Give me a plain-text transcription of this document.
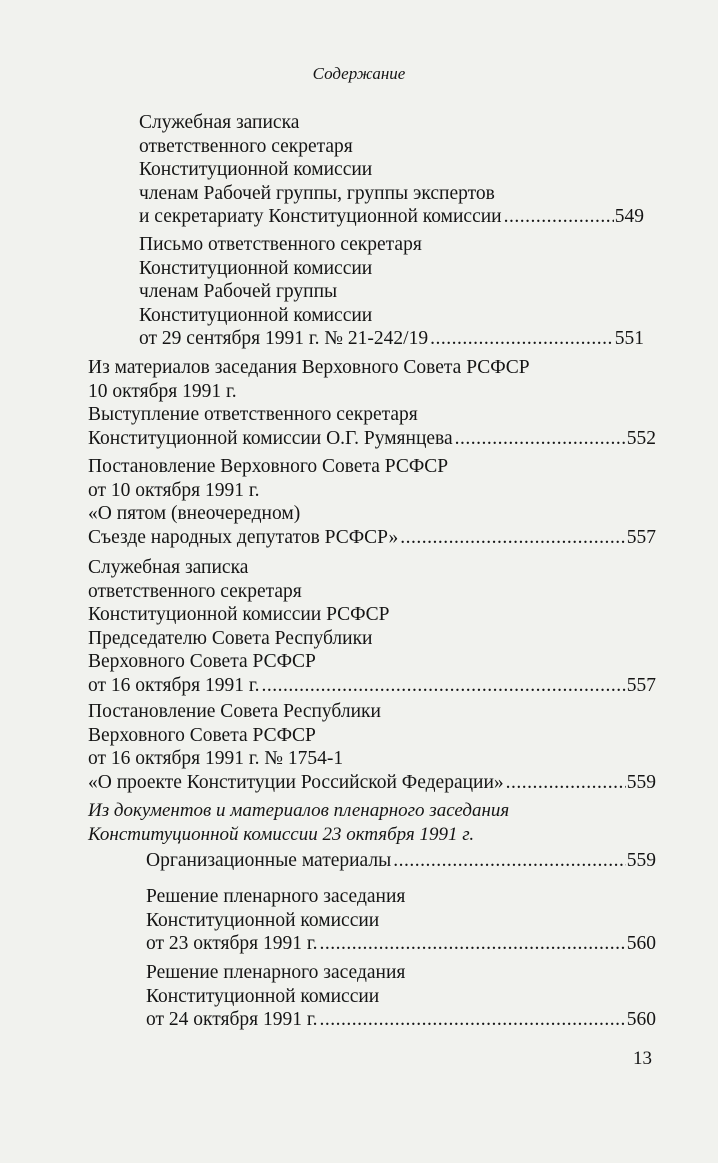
Содержание
Служебная записка
ответственного секретаря
Конституционной комиссии
членам Рабочей группы, группы экспертов
и секретариату Конституционной комиссии .....	549
Письмо ответственного секретаря
Конституционной комиссии
членам Рабочей группы
Конституционной комиссии
от 29 сентября 1991 г. № 21-242/19 .....	551
Из материалов заседания Верховного Совета РСФСР
10 октября 1991 г.
Выступление ответственного секретаря
Конституционной комиссии О.Г. Румянцева .....	552
Постановление Верховного Совета РСФСР
от 10 октября 1991 г.
«О пятом (внеочередном)
Съезде народных депутатов РСФСР» .....	557
Служебная записка
ответственного секретаря
Конституционной комиссии РСФСР
Председателю Совета Республики
Верховного Совета РСФСР
от 16 октября 1991 г. .....	557
Постановление Совета Республики
Верховного Совета РСФСР
от 16 октября 1991 г. № 1754-1
«О проекте Конституции Российской Федерации» .....	559
Из документов и материалов пленарного заседания
Конституционной комиссии 23 октября 1991 г.
Организационные материалы .....	559
Решение пленарного заседания
Конституционной комиссии
от 23 октября 1991 г. .....	560
Решение пленарного заседания
Конституционной комиссии
от 24 октября 1991 г. .....	560
13
